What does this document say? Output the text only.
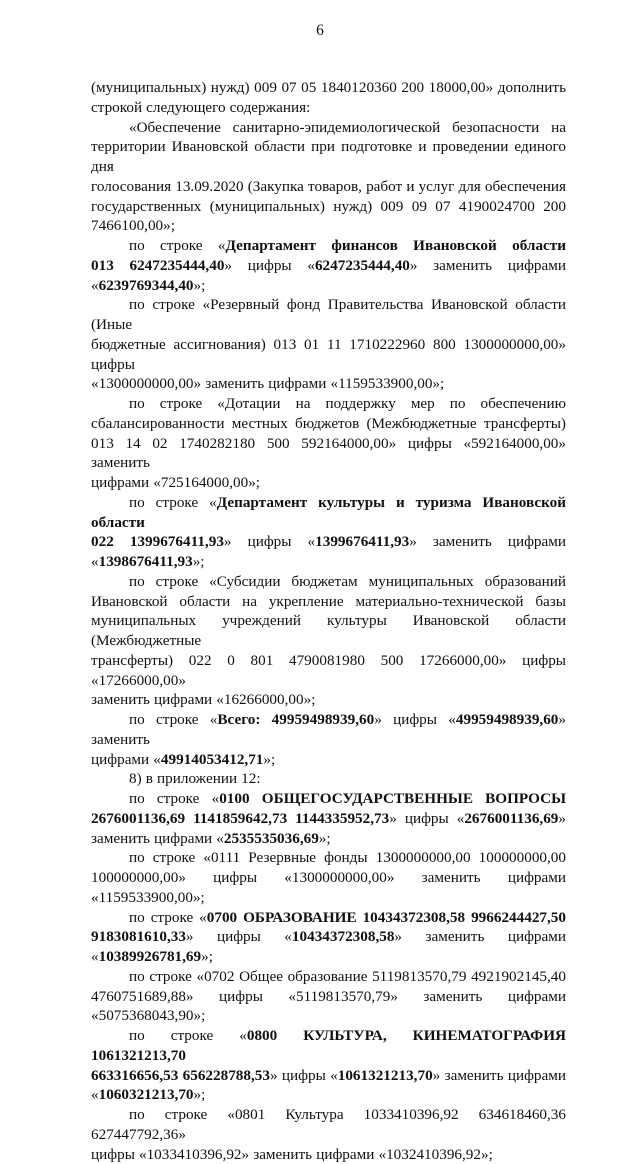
6

(муниципальных) нужд) 009 07 05 1840120360 200 18000,00» дополнить

строкой следующего содержания:

«Обеспечение санитарно-эпидемиологической безопасности на

территории Ивановской области при подготовке и проведении единого дня

голосования 13.09.2020 (Закупка товаров, работ и услуг для обеспечения

государственных (муниципальных) нужд) 009 09 07 4190024700 200

7466100,00»;

по строке «Департамент финансов Ивановской области

013 6247235444,40» цифры «6247235444,40» заменить цифрами

«6239769344,40»;

по строке «Резервный фонд Правительства Ивановской области (Иные

бюджетные ассигнования) 013 01 11 1710222960 800 1300000000,00» цифры

«1300000000,00» заменить цифрами «1159533900,00»;

по строке «Дотации на поддержку мер по обеспечению

сбалансированности местных бюджетов (Межбюджетные трансферты)

013 14 02 1740282180 500 592164000,00» цифры «592164000,00» заменить

цифрами «725164000,00»;

по строке «Департамент культуры и туризма Ивановской области

022 1399676411,93» цифры «1399676411,93» заменить цифрами

«1398676411,93»;

по строке «Субсидии бюджетам муниципальных образований

Ивановской области на укрепление материально-технической базы

муниципальных учреждений культуры Ивановской области (Межбюджетные

трансферты) 022 0 801 4790081980 500 17266000,00» цифры «17266000,00»

заменить цифрами «16266000,00»;

по строке «Всего: 49959498939,60» цифры «49959498939,60» заменить

цифрами «49914053412,71»;

8) в приложении 12:

по строке «0100 ОБЩЕГОСУДАРСТВЕННЫЕ ВОПРОСЫ

2676001136,69 1141859642,73 1144335952,73» цифры «2676001136,69»

заменить цифрами «2535535036,69»;

по строке «0111 Резервные фонды 1300000000,00 100000000,00

100000000,00» цифры «1300000000,00» заменить цифрами «1159533900,00»;

по строке «0700 ОБРАЗОВАНИЕ 10434372308,58 9966244427,50

9183081610,33» цифры «10434372308,58» заменить цифрами

«10389926781,69»;

по строке «0702 Общее образование 5119813570,79 4921902145,40

4760751689,88» цифры «5119813570,79» заменить цифрами «5075368043,90»;

по строке «0800 КУЛЬТУРА, КИНЕМАТОГРАФИЯ 1061321213,70

663316656,53 656228788,53» цифры «1061321213,70» заменить цифрами

«1060321213,70»;

по строке «0801 Культура 1033410396,92 634618460,36 627447792,36»

цифры «1033410396,92» заменить цифрами «1032410396,92»;
